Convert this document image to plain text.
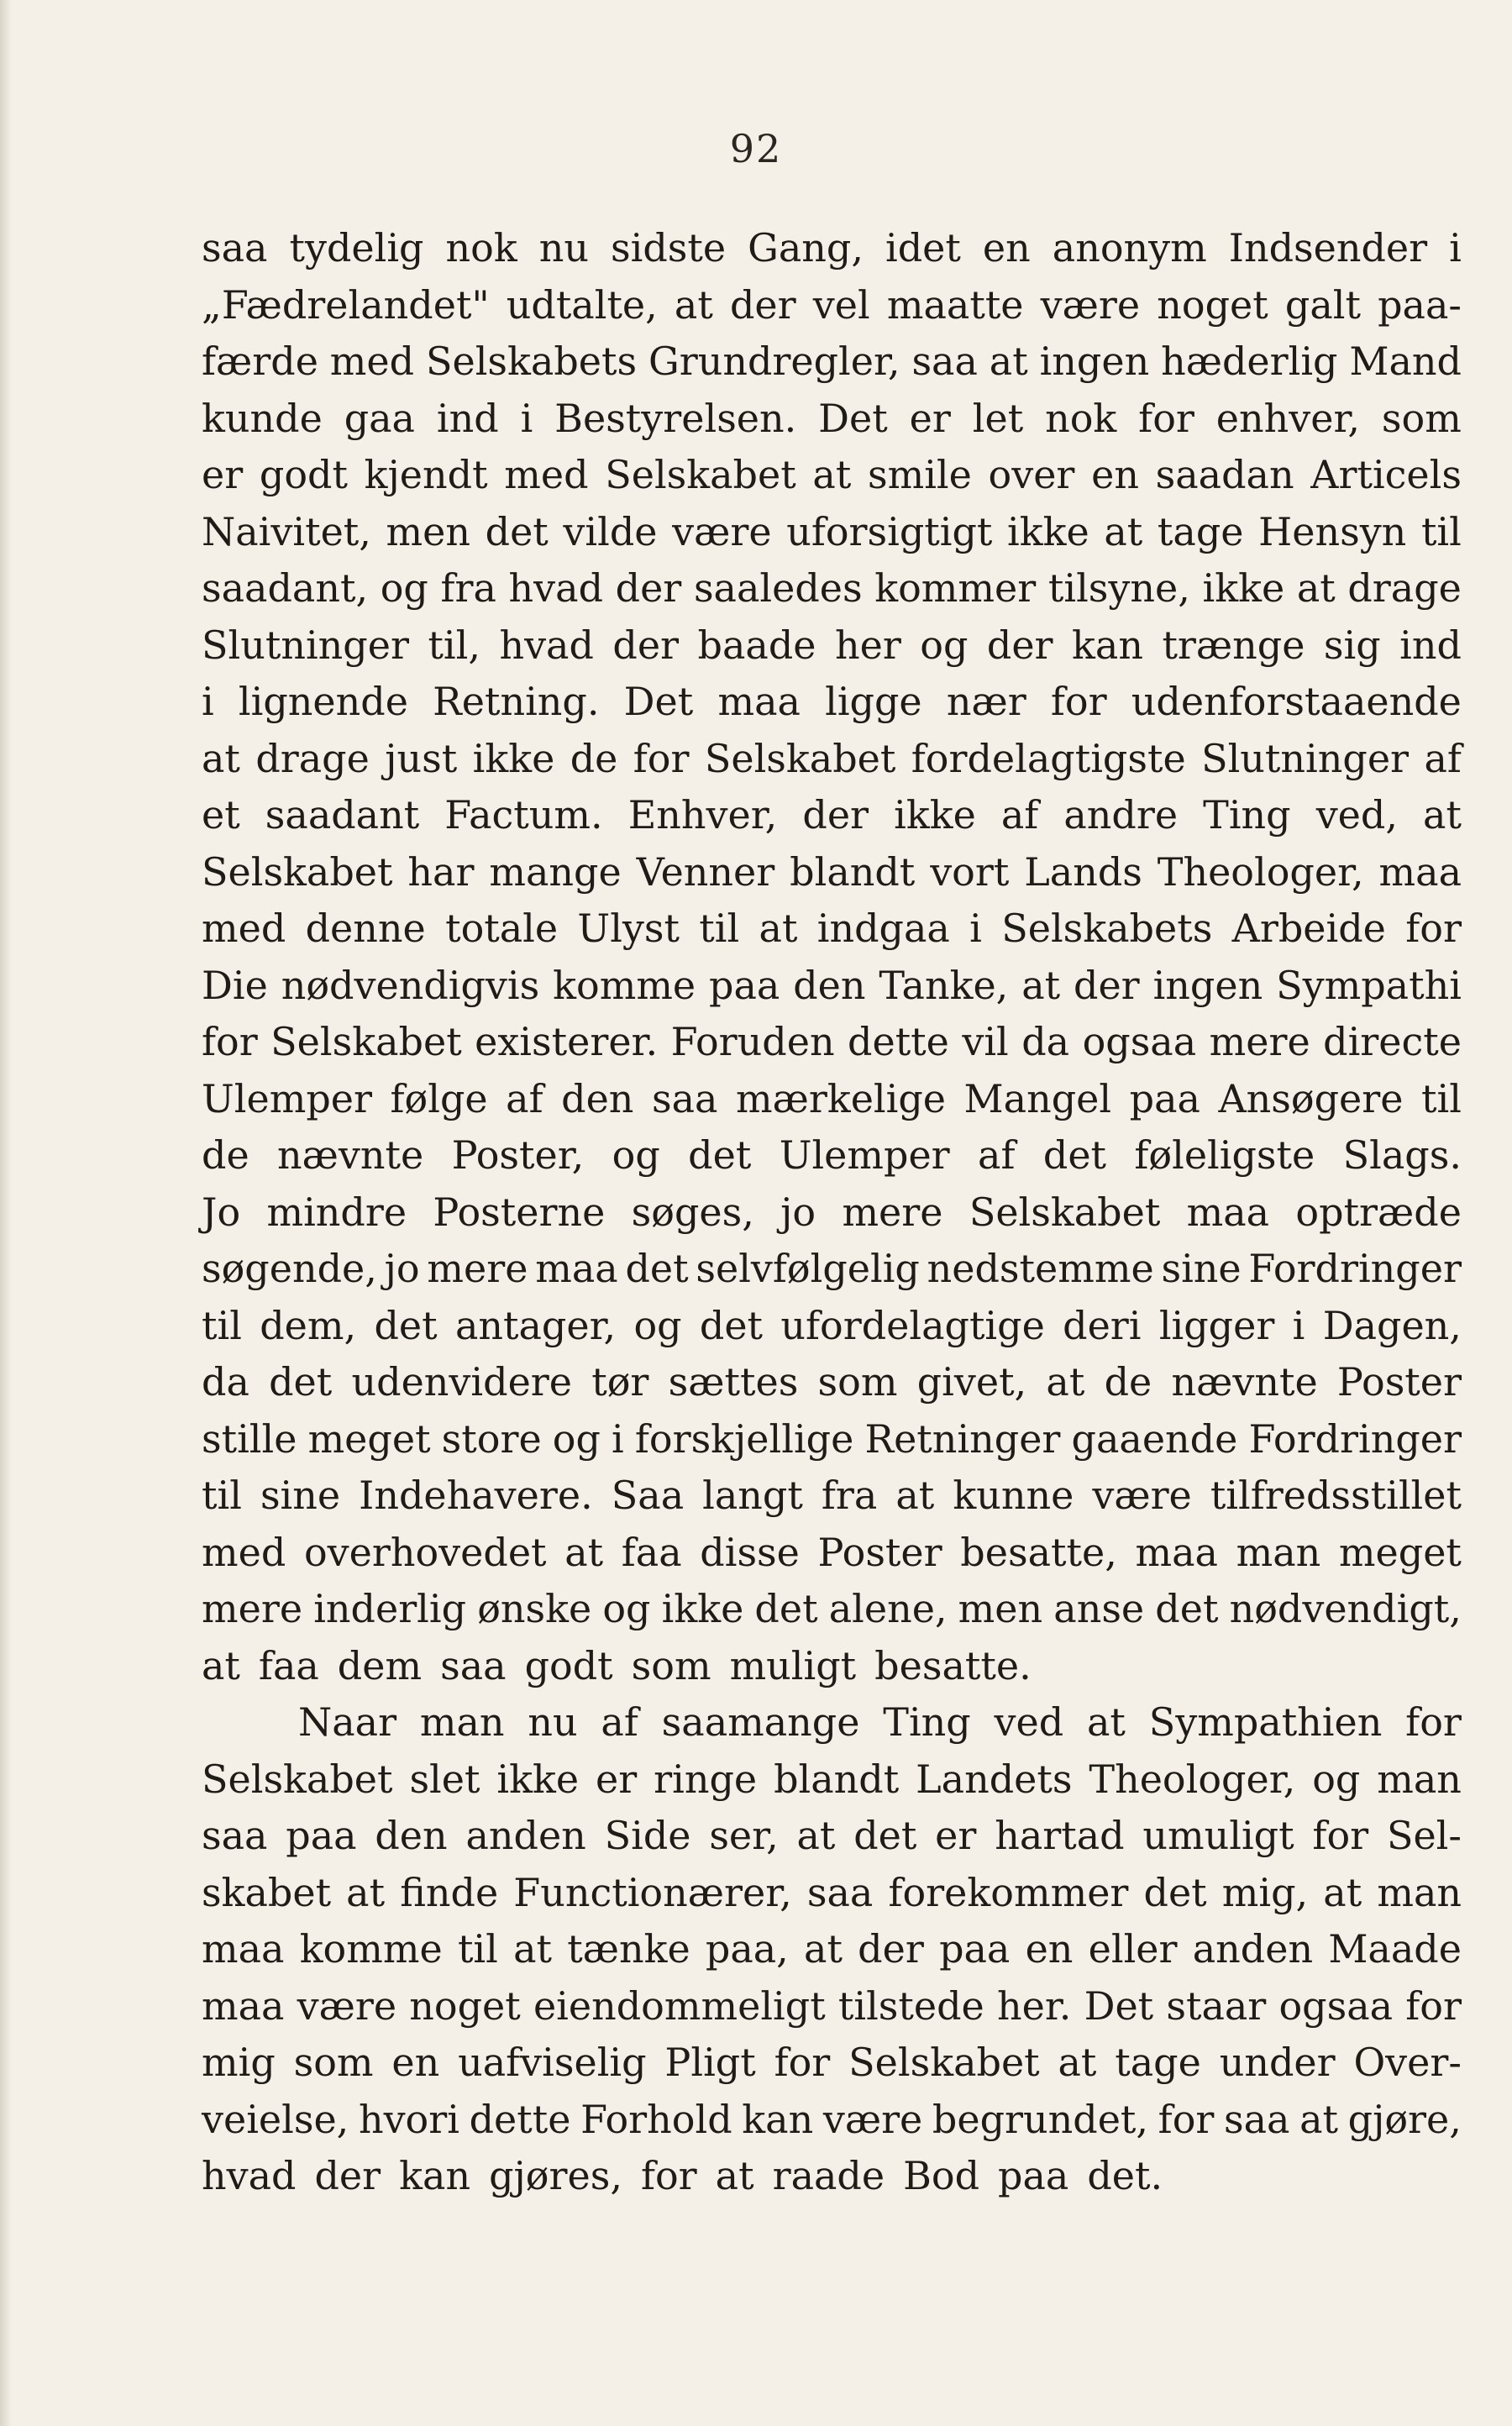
92
saa tydelig nok nu sidste Gang, idet en anonym Indsender i
„Fædrelandet" udtalte, at der vel maatte være noget galt paa-
færde med Selskabets Grundregler, saa at ingen hæderlig Mand
kunde gaa ind i Bestyrelsen. Det er let nok for enhver, som
er godt kjendt med Selskabet at smile over en saadan Articels
Naivitet, men det vilde være uforsigtigt ikke at tage Hensyn til
saadant, og fra hvad der saaledes kommer tilsyne, ikke at drage
Slutninger til, hvad der baade her og der kan trænge sig ind
i lignende Retning. Det maa ligge nær for udenforstaaende
at drage just ikke de for Selskabet fordelagtigste Slutninger af
et saadant Factum. Enhver, der ikke af andre Ting ved, at
Selskabet har mange Venner blandt vort Lands Theologer, maa
med denne totale Ulyst til at indgaa i Selskabets Arbeide for
Die nødvendigvis komme paa den Tanke, at der ingen Sympathi
for Selskabet existerer. Foruden dette vil da ogsaa mere directe
Ulemper følge af den saa mærkelige Mangel paa Ansøgere til
de nævnte Poster, og det Ulemper af det føleligste Slags.
Jo mindre Posterne søges, jo mere Selskabet maa optræde
søgende, jo mere maa det selvfølgelig nedstemme sine Fordringer
til dem, det antager, og det ufordelagtige deri ligger i Dagen,
da det udenvidere tør sættes som givet, at de nævnte Poster
stille meget store og i forskjellige Retninger gaaende Fordringer
til sine Indehavere. Saa langt fra at kunne være tilfredsstillet
med overhovedet at faa disse Poster besatte, maa man meget
mere inderlig ønske og ikke det alene, men anse det nødvendigt,
at faa dem saa godt som muligt besatte.
Naar man nu af saamange Ting ved at Sympathien for
Selskabet slet ikke er ringe blandt Landets Theologer, og man
saa paa den anden Side ser, at det er hartad umuligt for Sel-
skabet at finde Functionærer, saa forekommer det mig, at man
maa komme til at tænke paa, at der paa en eller anden Maade
maa være noget eiendommeligt tilstede her. Det staar ogsaa for
mig som en uafviselig Pligt for Selskabet at tage under Over-
veielse, hvori dette Forhold kan være begrundet, for saa at gjøre,
hvad der kan gjøres, for at raade Bod paa det.
